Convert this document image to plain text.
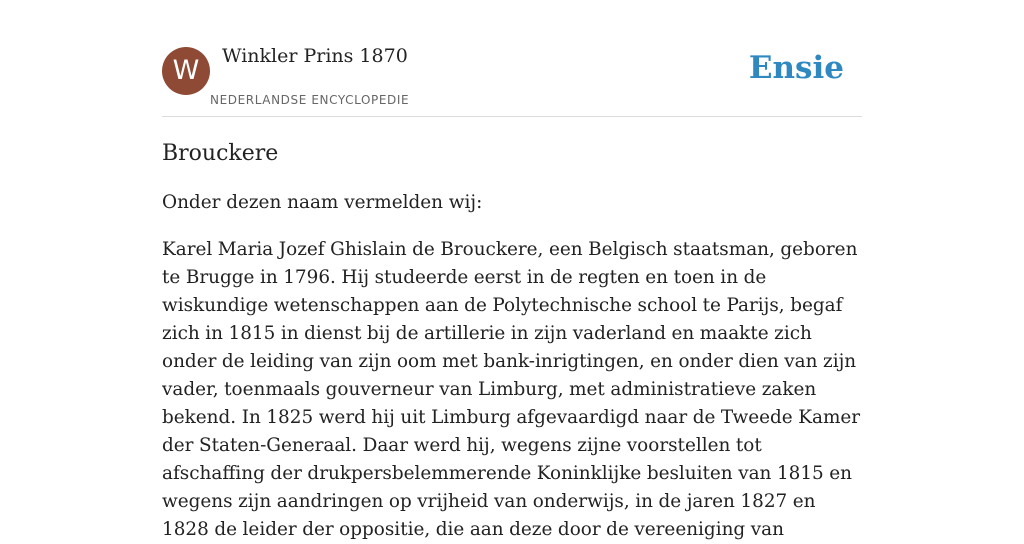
W	Winkler Prins 1870
NEDERLANDSE ENCYCLOPEDIE
Ensie
Brouckere

Onder dezen naam vermelden wij:

Karel Maria Jozef Ghislain de Brouckere, een Belgisch staatsman, geboren te Brugge in 1796. Hij studeerde eerst in de regten en toen in de wiskundige wetenschappen aan de Polytechnische school te Parijs, begaf zich in 1815 in dienst bij de artillerie in zijn vaderland en maakte zich onder de leiding van zijn oom met bank-inrigtingen, en onder dien van zijn vader, toenmaals gouverneur van Limburg, met administratieve zaken bekend. In 1825 werd hij uit Limburg afgevaardigd naar de Tweede Kamer der Staten-Generaal. Daar werd hij, wegens zijne voorstellen tot afschaffing der drukpersbelemmerende Koninklijke besluiten van 1815 en wegens zijn aandringen op vrijheid van onderwijs, in de jaren 1827 en 1828 de leider der oppositie, die aan deze door de vereeniging van
